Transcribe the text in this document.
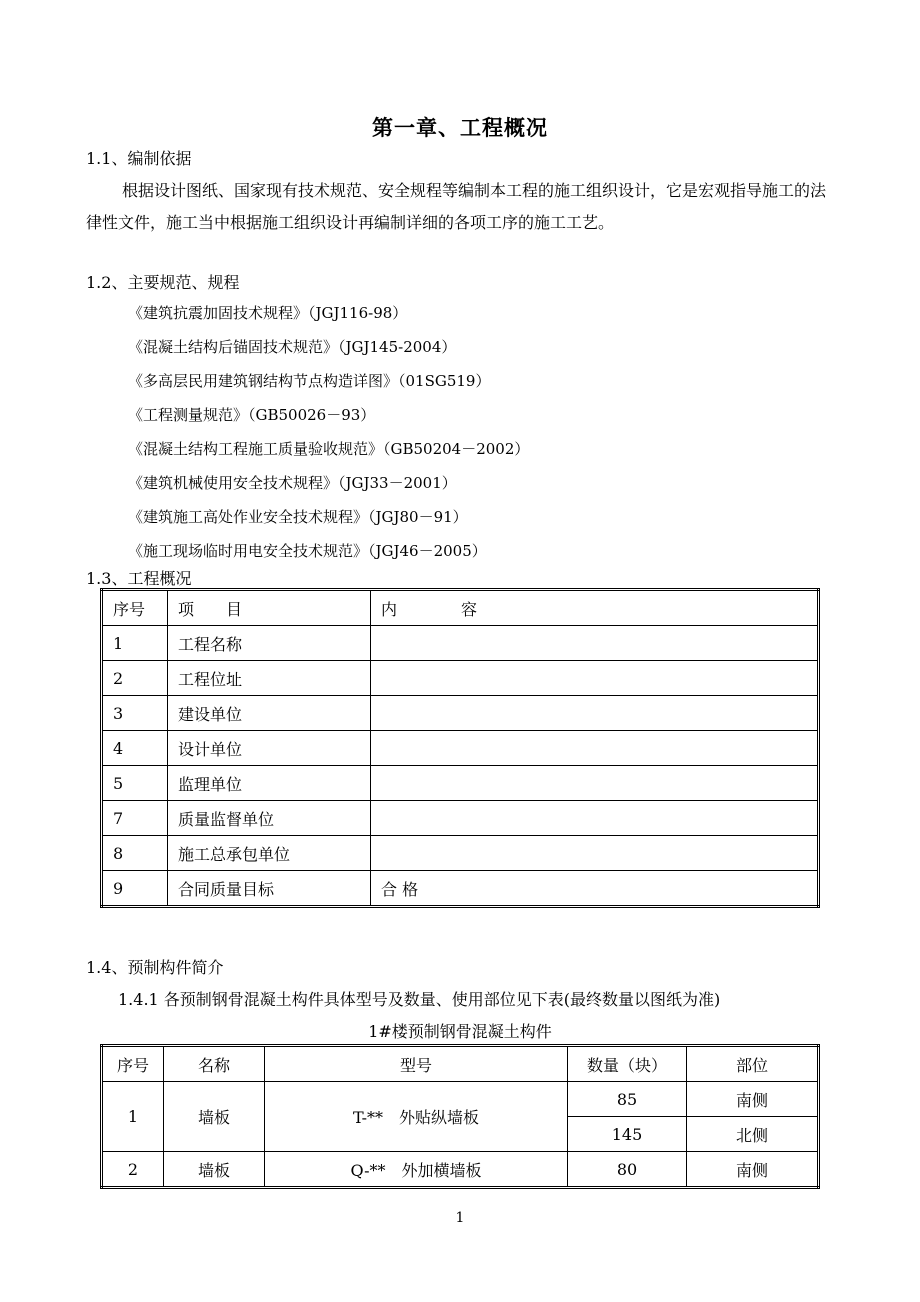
第一章、工程概况
1.1、编制依据
根据设计图纸、国家现有技术规范、安全规程等编制本工程的施工组织设计，它是宏观指导施工的法律性文件，施工当中根据施工组织设计再编制详细的各项工序的施工工艺。
1.2、主要规范、规程
《建筑抗震加固技术规程》（JGJ116-98）
《混凝土结构后锚固技术规范》（JGJ145-2004）
《多高层民用建筑钢结构节点构造详图》（01SG519）
《工程测量规范》（GB50026－93）
《混凝土结构工程施工质量验收规范》（GB50204－2002）
《建筑机械使用安全技术规程》（JGJ33－2001）
《建筑施工高处作业安全技术规程》（JGJ80－91）
《施工现场临时用电安全技术规范》（JGJ46－2005）
1.3、工程概况
序号	项　　目	内　　　　容
1	工程名称	
2	工程位址	
3	建设单位	
4	设计单位	
5	监理单位	
7	质量监督单位	
8	施工总承包单位	
9	合同质量目标	合 格
1.4、预制构件简介
1.4.1 各预制钢骨混凝土构件具体型号及数量、使用部位见下表(最终数量以图纸为准)
1#楼预制钢骨混凝土构件
序号	名称	型号	数量（块）	部位
1	墙板	T-**　外贴纵墙板	85	南侧
			145	北侧
2	墙板	Q-**　外加横墙板	80	南侧
1
